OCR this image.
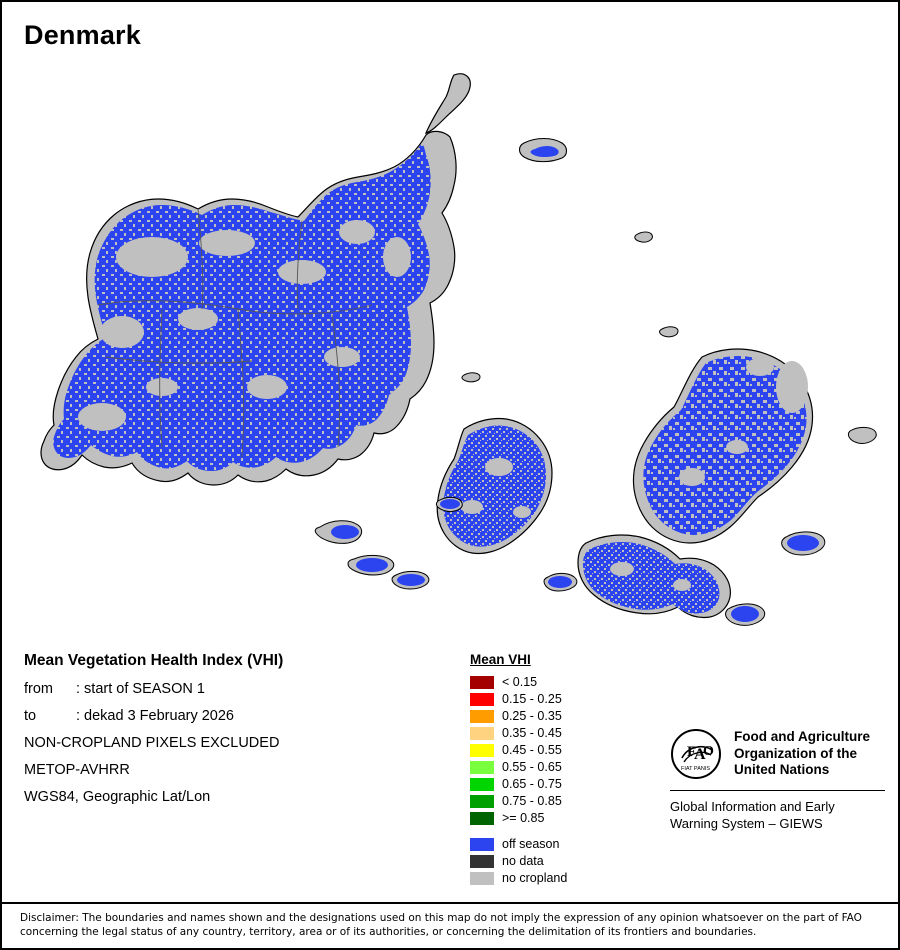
Denmark
Mean Vegetation Health Index (VHI)
from : start of SEASON 1
to	: dekad 3 February 2026
NON-CROPLAND PIXELS EXCLUDED
METOP-AVHRR
WGS84, Geographic Lat/Lon
Mean VHI
< 0.15
0.15 - 0.25
0.25 - 0.35
0.35 - 0.45
0.45 - 0.55
0.55 - 0.65
0.65 - 0.75
0.75 - 0.85
>= 0.85
off season
no data
no cropland
F
A
O
FIAT PANIS
Food and Agriculture
Organization of the
United Nations
Global Information and Early
Warning System – GIEWS

Disclaimer: The boundaries and names shown and the designations used on this map do not imply the expression of any opinion whatsoever on the part of FAO

concerning the legal status of any country, territory, area or of its authorities, or concerning the delimitation of its frontiers and boundaries.
